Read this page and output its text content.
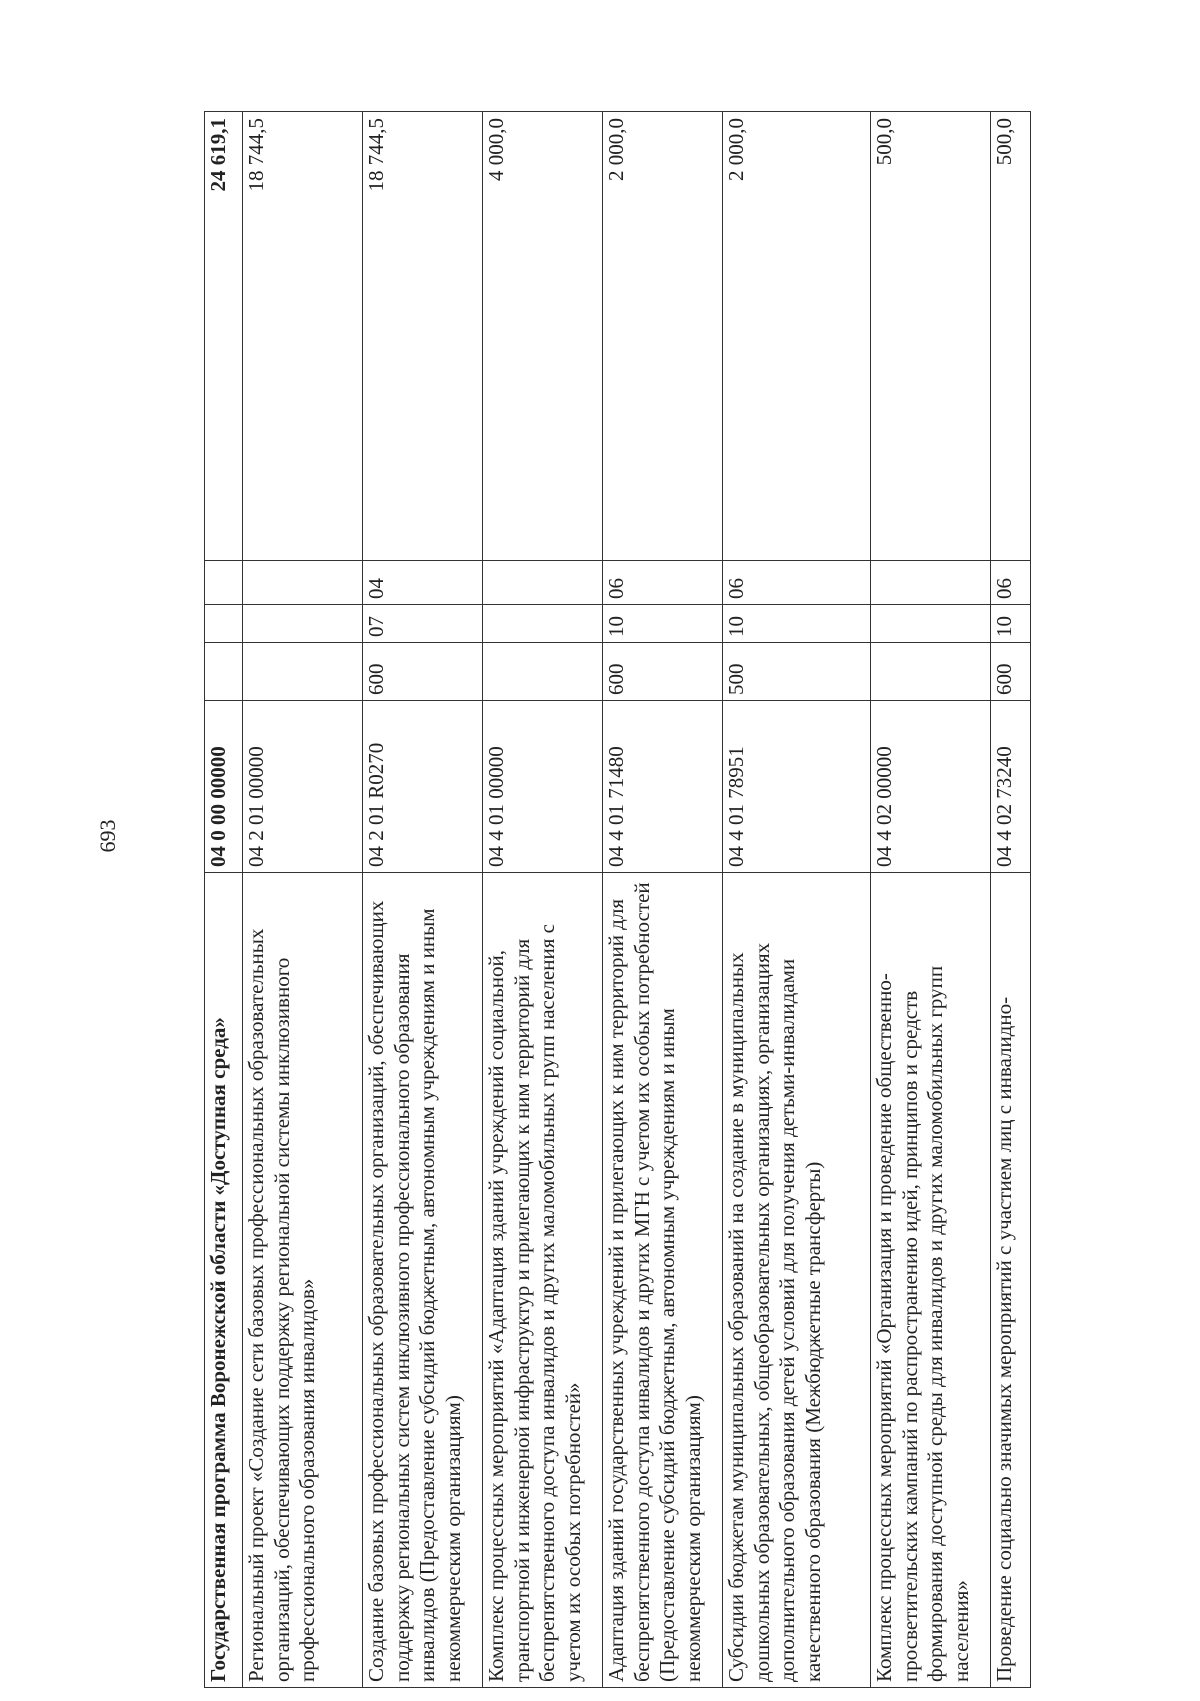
693
Государственная программа Воронежской области «Доступная среда»	04 0 00 00000				24 619,1
Региональный проект «Создание сети базовых профессиональных образовательных организаций, обеспечивающих поддержку региональной системы инклюзивного профессионального образования инвалидов»	04 2 01 00000				18 744,5
Создание базовых профессиональных образовательных организаций, обеспечивающих поддержку региональных систем инклюзивного профессионального образования инвалидов (Предоставление субсидий бюджетным, автономным учреждениям и иным некоммерческим организациям)	04 2 01 R0270	600	07	04	18 744,5
Комплекс процессных мероприятий «Адаптация зданий учреждений социальной, транспортной и инженерной инфраструктур и прилегающих к ним территорий для беспрепятственного доступа инвалидов и других маломобильных групп населения с учетом их особых потребностей»	04 4 01 00000				4 000,0
Адаптация зданий государственных учреждений и прилегающих к ним территорий для беспрепятственного доступа инвалидов и других МГН с учетом их особых потребностей (Предоставление субсидий бюджетным, автономным учреждениям и иным некоммерческим организациям)	04 4 01 71480	600	10	06	2 000,0
Субсидии бюджетам муниципальных образований на создание в муниципальных дошкольных образовательных, общеобразовательных организациях, организациях дополнительного образования детей условий для получения детьми-инвалидами качественного образования (Межбюджетные трансферты)	04 4 01 78951	500	10	06	2 000,0
Комплекс процессных мероприятий «Организация и проведение общественно-просветительских кампаний по распространению идей, принципов и средств формирования доступной среды для инвалидов и других маломобильных групп населения»	04 4 02 00000				500,0
Проведение социально значимых мероприятий с участием лиц с инвалидно-	04 4 02 73240	600	10	06	500,0
